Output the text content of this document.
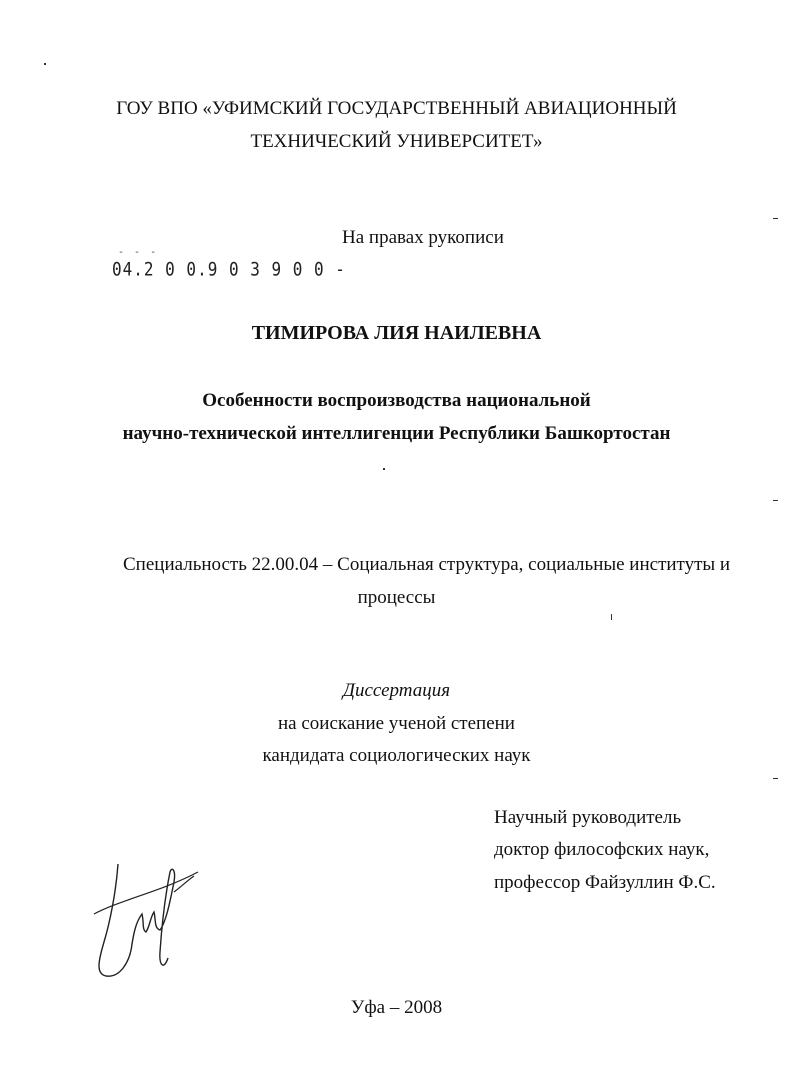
ГОУ ВПО «УФИМСКИЙ ГОСУДАРСТВЕННЫЙ АВИАЦИОННЫЙ
ТЕХНИЧЕСКИЙ УНИВЕРСИТЕТ»
На правах рукописи
- - -
04.2 0 0.9 0 3 9 0 0 -
ТИМИРОВА ЛИЯ НАИЛЕВНА
Особенности воспроизводства национальной
научно-технической интеллигенции Республики Башкортостан
Специальность 22.00.04 – Социальная структура, социальные институты и
процессы
Диссертация
на соискание ученой степени
кандидата социологических наук
Научный руководитель
доктор философских наук,
профессор Файзуллин Ф.С.
Уфа – 2008
